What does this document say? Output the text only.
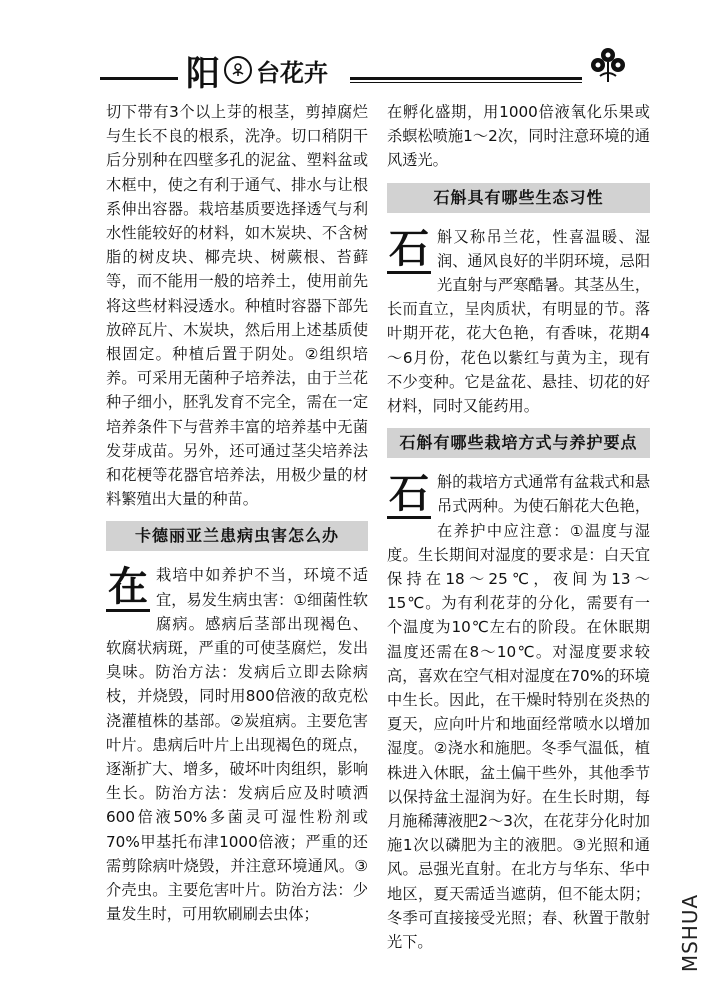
阳 台花卉

切下带有3个以上芽的根茎，剪掉腐烂与生长不良的根系，洗净。切口稍阴干后分别种在四壁多孔的泥盆、塑料盆或木框中，使之有利于通气、排水与让根系伸出容器。栽培基质要选择透气与利水性能较好的材料，如木炭块、不含树脂的树皮块、椰壳块、树蕨根、苔藓等，而不能用一般的培养土，使用前先将这些材料浸透水。种植时容器下部先放碎瓦片、木炭块，然后用上述基质使根固定。种植后置于阴处。②组织培养。可采用无菌种子培养法，由于兰花种子细小，胚乳发育不完全，需在一定培养条件下与营养丰富的培养基中无菌发芽成苗。另外，还可通过茎尖培养法和花梗等花器官培养法，用极少量的材料繁殖出大量的种苗。

卡德丽亚兰患病虫害怎么办

在 栽培中如养护不当，环境不适宜，易发生病虫害：①细菌性软腐病。感病后茎部出现褐色、软腐状病斑，严重的可使茎腐烂，发出臭味。防治方法：发病后立即去除病枝，并烧毁，同时用800倍液的敌克松浇灌植株的基部。②炭疽病。主要危害叶片。患病后叶片上出现褐色的斑点，逐渐扩大、增多，破坏叶肉组织，影响生长。防治方法：发病后应及时喷洒600倍液50%多菌灵可湿性粉剂或70%甲基托布津1000倍液；严重的还需剪除病叶烧毁，并注意环境通风。③介壳虫。主要危害叶片。防治方法：少量发生时，可用软刷刷去虫体；

在孵化盛期，用1000倍液氧化乐果或杀螟松喷施1～2次，同时注意环境的通风透光。

石斛具有哪些生态习性

石 斛又称吊兰花，性喜温暖、湿润、通风良好的半阴环境，忌阳光直射与严寒酷暑。其茎丛生，长而直立，呈肉质状，有明显的节。落叶期开花，花大色艳，有香味，花期4～6月份，花色以紫红与黄为主，现有不少变种。它是盆花、悬挂、切花的好材料，同时又能药用。

石斛有哪些栽培方式与养护要点

石 斛的栽培方式通常有盆栽式和悬吊式两种。为使石斛花大色艳，在养护中应注意：①温度与湿度。生长期间对湿度的要求是：白天宜保持在18～25℃，夜间为13～15℃。为有利花芽的分化，需要有一个温度为10℃左右的阶段。在休眠期温度还需在8～10℃。对湿度要求较高，喜欢在空气相对湿度在70%的环境中生长。因此，在干燥时特别在炎热的夏天，应向叶片和地面经常喷水以增加湿度。②浇水和施肥。冬季气温低，植株进入休眠，盆土偏干些外，其他季节以保持盆土湿润为好。在生长时期，每月施稀薄液肥2～3次，在花芽分化时加施1次以磷肥为主的液肥。③光照和通风。忌强光直射。在北方与华东、华中地区，夏天需适当遮荫，但不能太阴；冬季可直接接受光照；春、秋置于散射光下。	MSHUA
